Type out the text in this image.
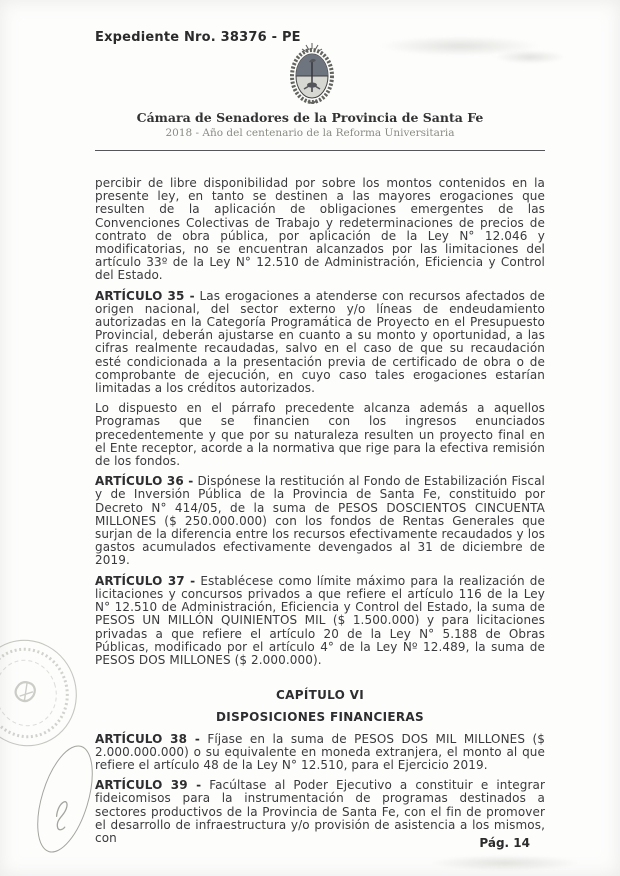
Expediente Nro. 38376 - PE
Cámara de Senadores de la Provincia de Santa Fe
2018 - Año del centenario de la Reforma Universitaria

percibir de libre disponibilidad por sobre los montos contenidos en la presente ley, en tanto se destinen a las mayores erogaciones que resulten de la aplicación de obligaciones emergentes de las Convenciones Colectivas de Trabajo y redeterminaciones de precios de contrato de obra pública, por aplicación de la Ley N° 12.046 y modificatorias, no se encuentran alcanzados por las limitaciones del artículo 33º de la Ley N° 12.510 de Administración, Eficiencia y Control del Estado.

ARTÍCULO 35 - Las erogaciones a atenderse con recursos afectados de origen nacional, del sector externo y/o líneas de endeudamiento autorizadas en la Categoría Programática de Proyecto en el Presupuesto Provincial, deberán ajustarse en cuanto a su monto y oportunidad, a las cifras realmente recaudadas, salvo en el caso de que su recaudación esté condicionada a la presentación previa de certificado de obra o de comprobante de ejecución, en cuyo caso tales erogaciones estarían limitadas a los créditos autorizados.

Lo dispuesto en el párrafo precedente alcanza además a aquellos Programas que se financien con los ingresos enunciados precedentemente y que por su naturaleza resulten un proyecto final en el Ente receptor, acorde a la normativa que rige para la efectiva remisión de los fondos.

ARTÍCULO 36 - Dispónese la restitución al Fondo de Estabilización Fiscal y de Inversión Pública de la Provincia de Santa Fe, constituido por Decreto N° 414/05, de la suma de PESOS DOSCIENTOS CINCUENTA MILLONES ($ 250.000.000) con los fondos de Rentas Generales que surjan de la diferencia entre los recursos efectivamente recaudados y los gastos acumulados efectivamente devengados al 31 de diciembre de 2019.

ARTÍCULO 37 - Establécese como límite máximo para la realización de licitaciones y concursos privados a que refiere el artículo 116 de la Ley N° 12.510 de Administración, Eficiencia y Control del Estado, la suma de PESOS UN MILLÓN QUINIENTOS MIL ($ 1.500.000) y para licitaciones privadas a que refiere el artículo 20 de la Ley N° 5.188 de Obras Públicas, modificado por el artículo 4° de la Ley Nº 12.489, la suma de PESOS DOS MILLONES ($ 2.000.000).

CAPÍTULO VI
DISPOSICIONES FINANCIERAS

ARTÍCULO 38 - Fíjase en la suma de PESOS DOS MIL MILLONES ($ 2.000.000.000) o su equivalente en moneda extranjera, el monto al que refiere el artículo 48 de la Ley N° 12.510, para el Ejercicio 2019.

ARTÍCULO 39 - Facúltase al Poder Ejecutivo a constituir e integrar fideicomisos para la instrumentación de programas destinados a sectores productivos de la Provincia de Santa Fe, con el fin de promover el desarrollo de infraestructura y/o provisión de asistencia a los mismos, con	Pág. 14
